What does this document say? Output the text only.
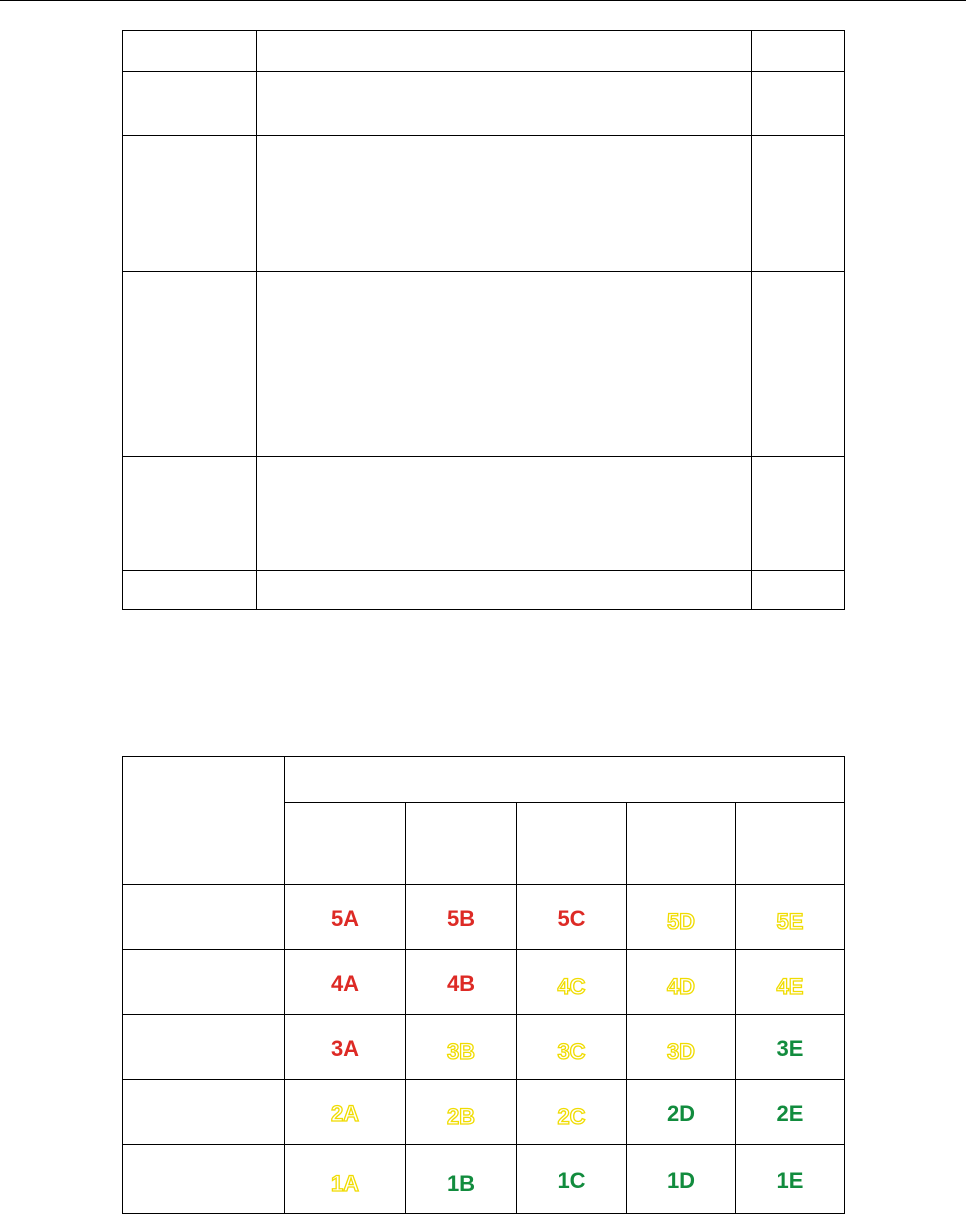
	5A	5B	5C	5D	5E
	4A	4B	4C	4D	4E
	3A	3B	3C	3D	3E
	2A	2B	2C	2D	2E
	1A	1B	1C	1D	1E
